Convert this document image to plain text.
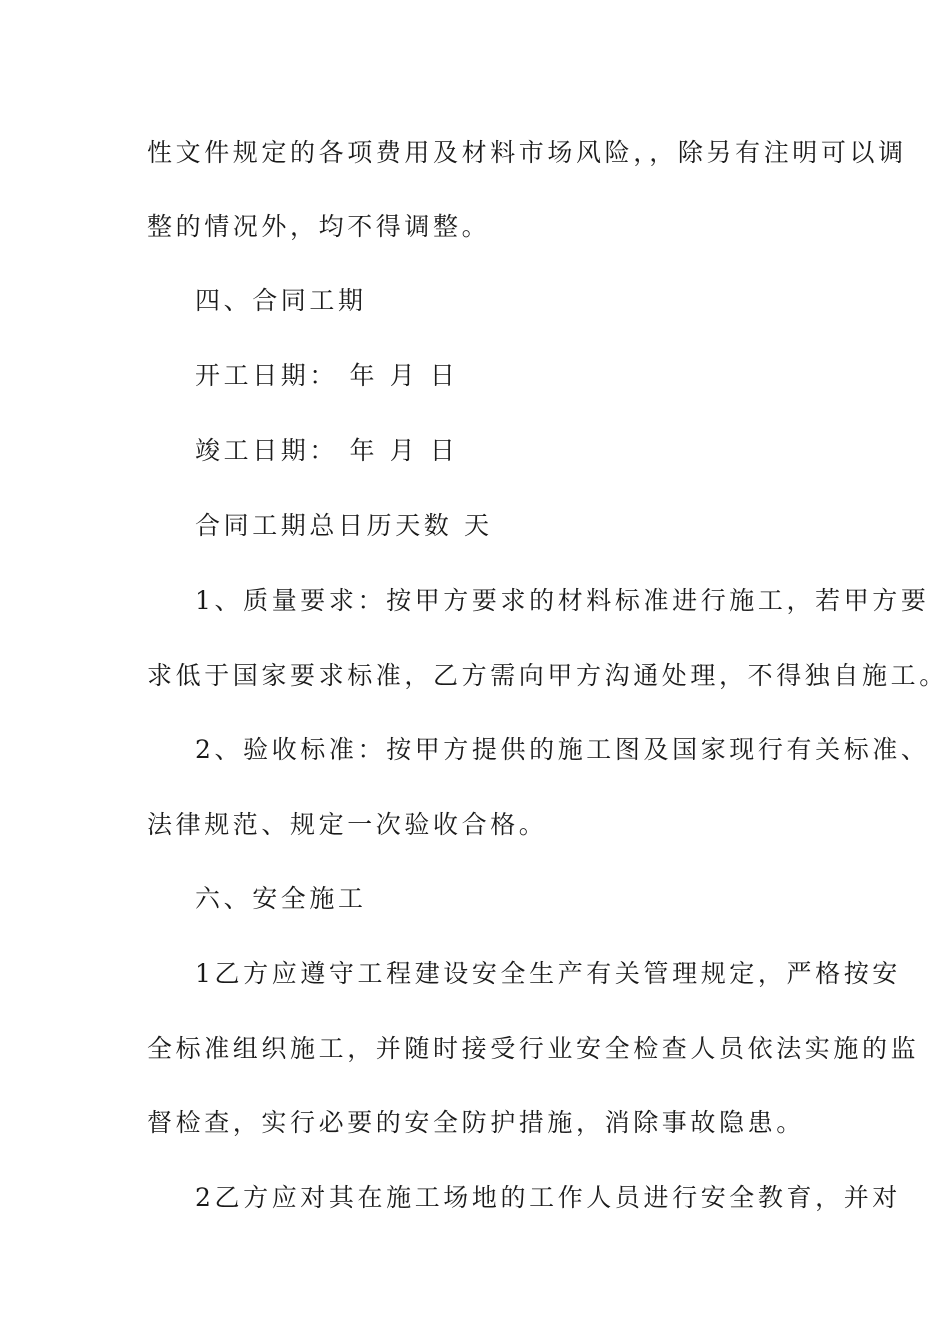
性文件规定的各项费用及材料市场风险，，除另有注明可以调
整的情况外，均不得调整。
四、合同工期
开工日期： 年 月 日
竣工日期： 年 月 日
合同工期总日历天数 天
1、质量要求：按甲方要求的材料标准进行施工，若甲方要
求低于国家要求标准，乙方需向甲方沟通处理，不得独自施工。
2、验收标准：按甲方提供的施工图及国家现行有关标准、
法律规范、规定一次验收合格。
六、安全施工
1乙方应遵守工程建设安全生产有关管理规定，严格按安
全标准组织施工，并随时接受行业安全检查人员依法实施的监
督检查，实行必要的安全防护措施，消除事故隐患。
2乙方应对其在施工场地的工作人员进行安全教育，并对
